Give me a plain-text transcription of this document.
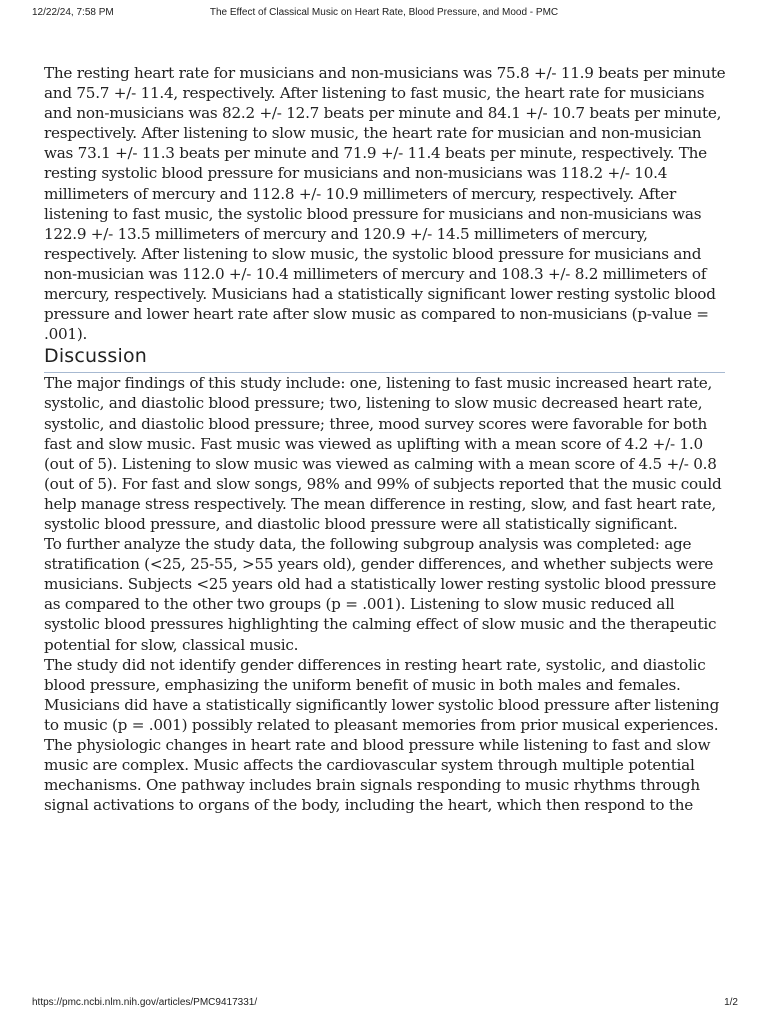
12/22/24, 7:58 PM	The Effect of Classical Music on Heart Rate, Blood Pressure, and Mood - PMC

The resting heart rate for musicians and non-musicians was 75.8 +/- 11.9 beats per minute and 75.7 +/- 11.4, respectively. After listening to fast music, the heart rate for musicians and non-musicians was 82.2 +/- 12.7 beats per minute and 84.1 +/- 10.7 beats per minute, respectively. After listening to slow music, the heart rate for musician and non-musician was 73.1 +/- 11.3 beats per minute and 71.9 +/- 11.4 beats per minute, respectively. The resting systolic blood pressure for musicians and non-musicians was 118.2 +/- 10.4 millimeters of mercury and 112.8 +/- 10.9 millimeters of mercury, respectively. After listening to fast music, the systolic blood pressure for musicians and non-musicians was 122.9 +/- 13.5 millimeters of mercury and 120.9 +/- 14.5 millimeters of mercury, respectively. After listening to slow music, the systolic blood pressure for musicians and non-musician was 112.0 +/- 10.4 millimeters of mercury and 108.3 +/- 8.2 millimeters of mercury, respectively. Musicians had a statistically significant lower resting systolic blood pressure and lower heart rate after slow music as compared to non-musicians (p-value = .001).

Discussion

The major findings of this study include: one, listening to fast music increased heart rate, systolic, and diastolic blood pressure; two, listening to slow music decreased heart rate, systolic, and diastolic blood pressure; three, mood survey scores were favorable for both fast and slow music. Fast music was viewed as uplifting with a mean score of 4.2 +/- 1.0 (out of 5). Listening to slow music was viewed as calming with a mean score of 4.5 +/- 0.8 (out of 5). For fast and slow songs, 98% and 99% of subjects reported that the music could help manage stress respectively. The mean difference in resting, slow, and fast heart rate, systolic blood pressure, and diastolic blood pressure were all statistically significant.

To further analyze the study data, the following subgroup analysis was completed: age stratification (<25, 25-55, >55 years old), gender differences, and whether subjects were musicians. Subjects <25 years old had a statistically lower resting systolic blood pressure as compared to the other two groups (p = .001). Listening to slow music reduced all systolic blood pressures highlighting the calming effect of slow music and the therapeutic potential for slow, classical music.

The study did not identify gender differences in resting heart rate, systolic, and diastolic blood pressure, emphasizing the uniform benefit of music in both males and females. Musicians did have a statistically significantly lower systolic blood pressure after listening to music (p = .001) possibly related to pleasant memories from prior musical experiences.

The physiologic changes in heart rate and blood pressure while listening to fast and slow music are complex. Music affects the cardiovascular system through multiple potential mechanisms. One pathway includes brain signals responding to music rhythms through signal activations to organs of the body, including the heart, which then respond to the

https://pmc.ncbi.nlm.nih.gov/articles/PMC9417331/	1/2
